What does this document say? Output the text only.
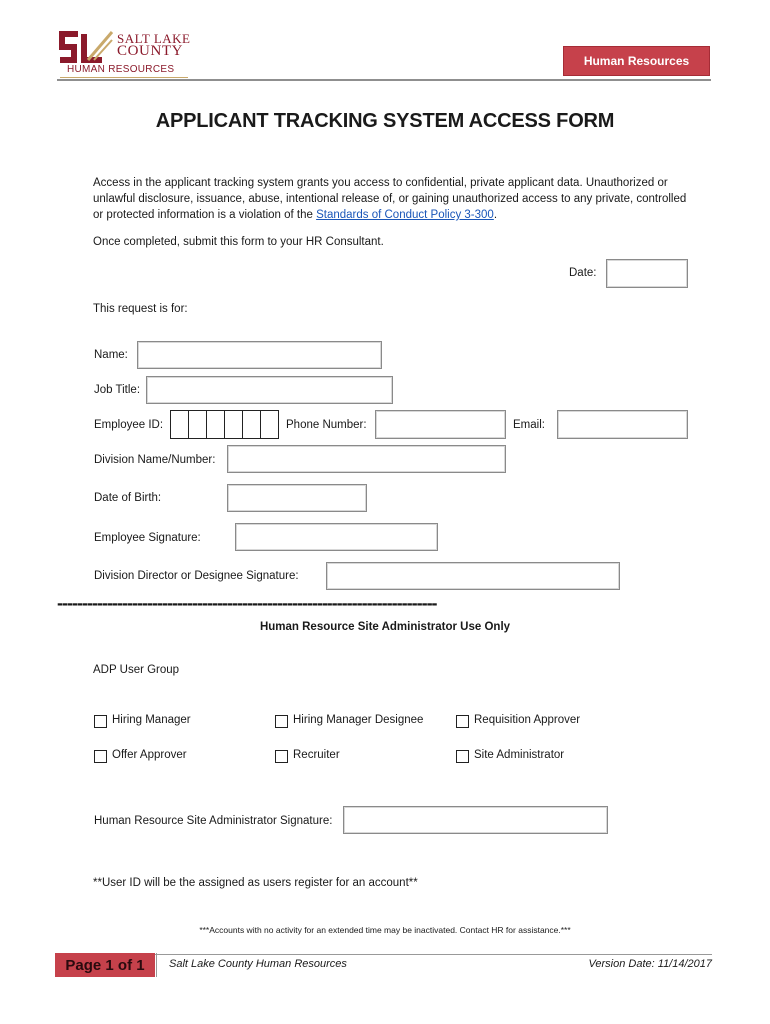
SALT LAKE
COUNTY
HUMAN RESOURCES
Human Resources
APPLICANT TRACKING SYSTEM ACCESS FORM
Access in the applicant tracking system grants you access to confidential, private applicant data. Unauthorized or unlawful disclosure, issuance, abuse, intentional release of, or gaining unauthorized access to any private, controlled or protected information is a violation of the Standards of Conduct Policy 3-300.
Once completed, submit this form to your HR Consultant.
Date:
This request is for:
Name:
Job Title:
Employee ID:	Phone Number:	Email:
Division Name/Number:
Date of Birth:
Employee Signature:
Division Director or Designee Signature:
----------------------------------------------------------------------------
Human Resource Site Administrator Use Only
ADP User Group
Hiring Manager	Hiring Manager Designee	Requisition Approver
Offer Approver	Recruiter	Site Administrator
Human Resource Site Administrator Signature:
**User ID will be the assigned as users register for an account**
***Accounts with no activity for an extended time may be inactivated. Contact HR for assistance.***
Page 1 of 1	Salt Lake County Human Resources	Version Date: 11/14/2017
